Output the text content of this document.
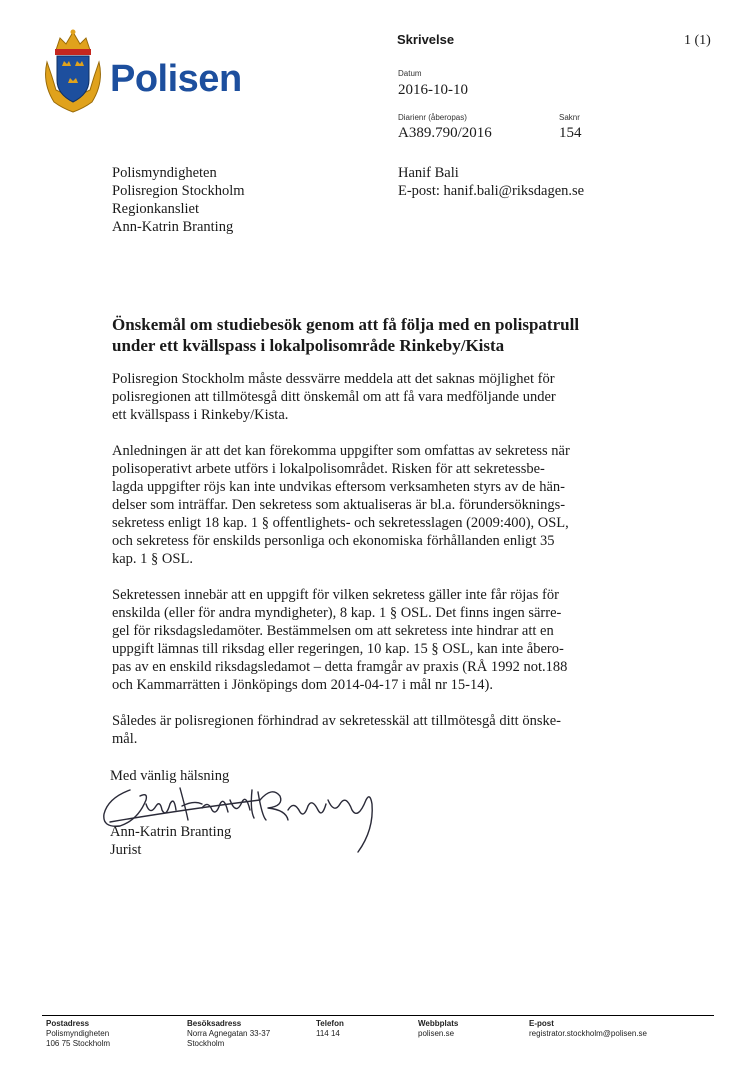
Polisen
Skrivelse	1 (1)
Datum
2016-10-10
Diarienr (åberopas)
A389.790/2016
Saknr
154
Polismyndigheten
Polisregion Stockholm
Regionkansliet
Ann-Katrin Branting
Hanif Bali
E-post: hanif.bali@riksdagen.se
Önskemål om studiebesök genom att få följa med en polispatrull
under ett kvällspass i lokalpolisområde Rinkeby/Kista

Polisregion Stockholm måste dessvärre meddela att det saknas möjlighet för
polisregionen att tillmötesgå ditt önskemål om att få vara medföljande under
ett kvällspass i Rinkeby/Kista.

Anledningen är att det kan förekomma uppgifter som omfattas av sekretess när
polisoperativt arbete utförs i lokalpolisområdet. Risken för att sekretessbe-
lagda uppgifter röjs kan inte undvikas eftersom verksamheten styrs av de hän-
delser som inträffar. Den sekretess som aktualiseras är bl.a. förundersöknings-
sekretess enligt 18 kap. 1 § offentlighets- och sekretesslagen (2009:400), OSL,
och sekretess för enskilds personliga och ekonomiska förhållanden enligt 35
kap. 1 § OSL.

Sekretessen innebär att en uppgift för vilken sekretess gäller inte får röjas för
enskilda (eller för andra myndigheter), 8 kap. 1 § OSL. Det finns ingen särre-
gel för riksdagsledamöter. Bestämmelsen om att sekretess inte hindrar att en
uppgift lämnas till riksdag eller regeringen, 10 kap. 15 § OSL, kan inte åbero-
pas av en enskild riksdagsledamot – detta framgår av praxis (RÅ 1992 not.188
och Kammarrätten i Jönköpings dom 2014-04-17 i mål nr 15-14).

Således är polisregionen förhindrad av sekretesskäl att tillmötesgå ditt önske-
mål.

Med vänlig hälsning
Ann-Katrin Branting
Jurist
Postadress
Polismyndigheten
106 75 Stockholm
Besöksadress
Norra Agnegatan 33-37
Stockholm
Telefon
114 14
Webbplats
polisen.se
E-post
registrator.stockholm@polisen.se
